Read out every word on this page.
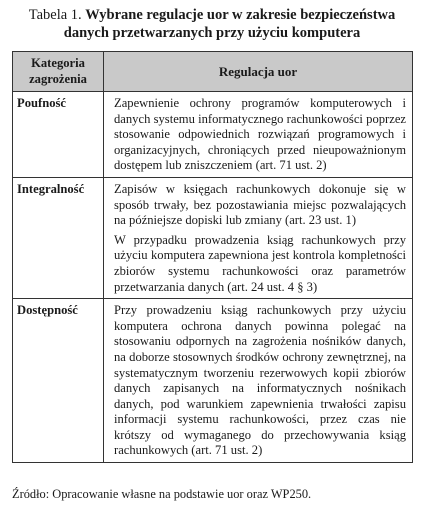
Tabela 1. Wybrane regulacje uor w zakresie bezpieczeństwa danych przetwarzanych przy użyciu komputera
Kategoria zagrożenia	Regulacja uor
Poufność	Zapewnienie ochrony programów komputerowych i danych systemu informatycznego rachunkowości poprzez stosowanie odpowiednich rozwiązań programowych i organizacyjnych, chroniących przed nieupoważnionym dostępem lub zniszczeniem (art. 71 ust. 2)

Integralność	Zapisów w księgach rachunkowych dokonuje się w sposób trwały, bez pozostawiania miejsc pozwalających na późniejsze dopiski lub zmiany (art. 23 ust. 1)

W przypadku prowadzenia ksiąg rachunkowych przy użyciu komputera zapewniona jest kontrola kompletności zbiorów systemu rachunkowości oraz parametrów przetwarzania danych (art. 24 ust. 4 § 3)

Dostępność	Przy prowadzeniu ksiąg rachunkowych przy użyciu komputera ochrona danych powinna polegać na stosowaniu odpornych na zagrożenia nośników danych, na doborze stosownych środków ochrony zewnętrznej, na systematycznym tworzeniu rezerwowych kopii zbiorów danych zapisanych na informatycznych nośnikach danych, pod warunkiem zapewnienia trwałości zapisu informacji systemu rachunkowości, przez czas nie krótszy od wymaganego do przechowywania ksiąg rachunkowych (art. 71 ust. 2)

Źródło: Opracowanie własne na podstawie uor oraz WP250.
